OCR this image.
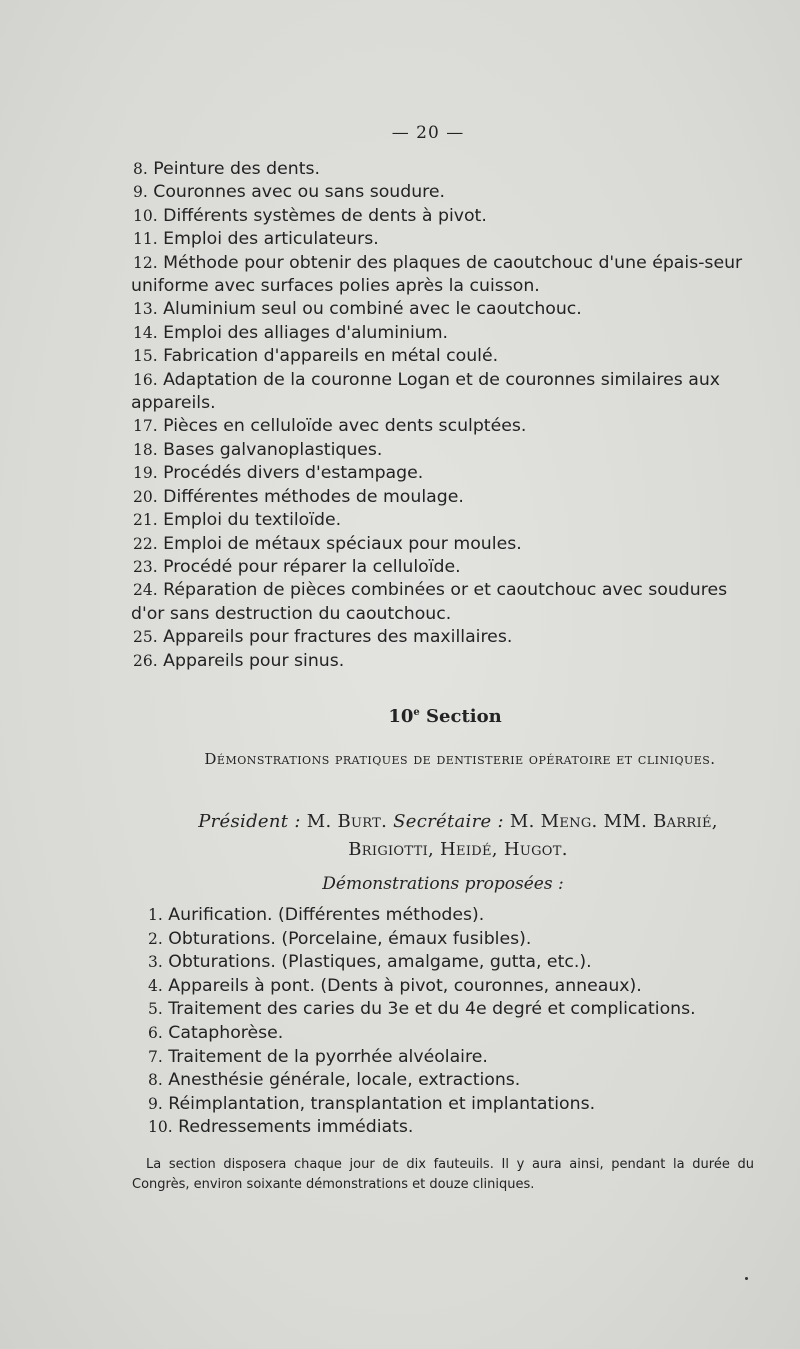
— 20 —
8. Peinture des dents.
9. Couronnes avec ou sans soudure.
10. Différents systèmes de dents à pivot.
11. Emploi des articulateurs.
12. Méthode pour obtenir des plaques de caoutchouc d'une épais-seur uniforme avec surfaces polies après la cuisson.
13. Aluminium seul ou combiné avec le caoutchouc.
14. Emploi des alliages d'aluminium.
15. Fabrication d'appareils en métal coulé.
16. Adaptation de la couronne Logan et de couronnes similaires aux appareils.
17. Pièces en celluloïde avec dents sculptées.
18. Bases galvanoplastiques.
19. Procédés divers d'estampage.
20. Différentes méthodes de moulage.
21. Emploi du textiloïde.
22. Emploi de métaux spéciaux pour moules.
23. Procédé pour réparer la celluloïde.
24. Réparation de pièces combinées or et caoutchouc avec soudures d'or sans destruction du caoutchouc.
25. Appareils pour fractures des maxillaires.
26. Appareils pour sinus.
10e Section
Démonstrations pratiques de dentisterie opératoire et cliniques.
Président : M. Burt. Secrétaire : M. Meng. MM. Barrié, Brigiotti, Heidé, Hugot.
Démonstrations proposées :
1. Aurification. (Différentes méthodes).
2. Obturations. (Porcelaine, émaux fusibles).
3. Obturations. (Plastiques, amalgame, gutta, etc.).
4. Appareils à pont. (Dents à pivot, couronnes, anneaux).
5. Traitement des caries du 3e et du 4e degré et complications.
6. Cataphorèse.
7. Traitement de la pyorrhée alvéolaire.
8. Anesthésie générale, locale, extractions.
9. Réimplantation, transplantation et implantations.
10. Redressements immédiats.
La section disposera chaque jour de dix fauteuils. Il y aura ainsi, pendant la durée du Congrès, environ soixante démonstrations et douze cliniques.
